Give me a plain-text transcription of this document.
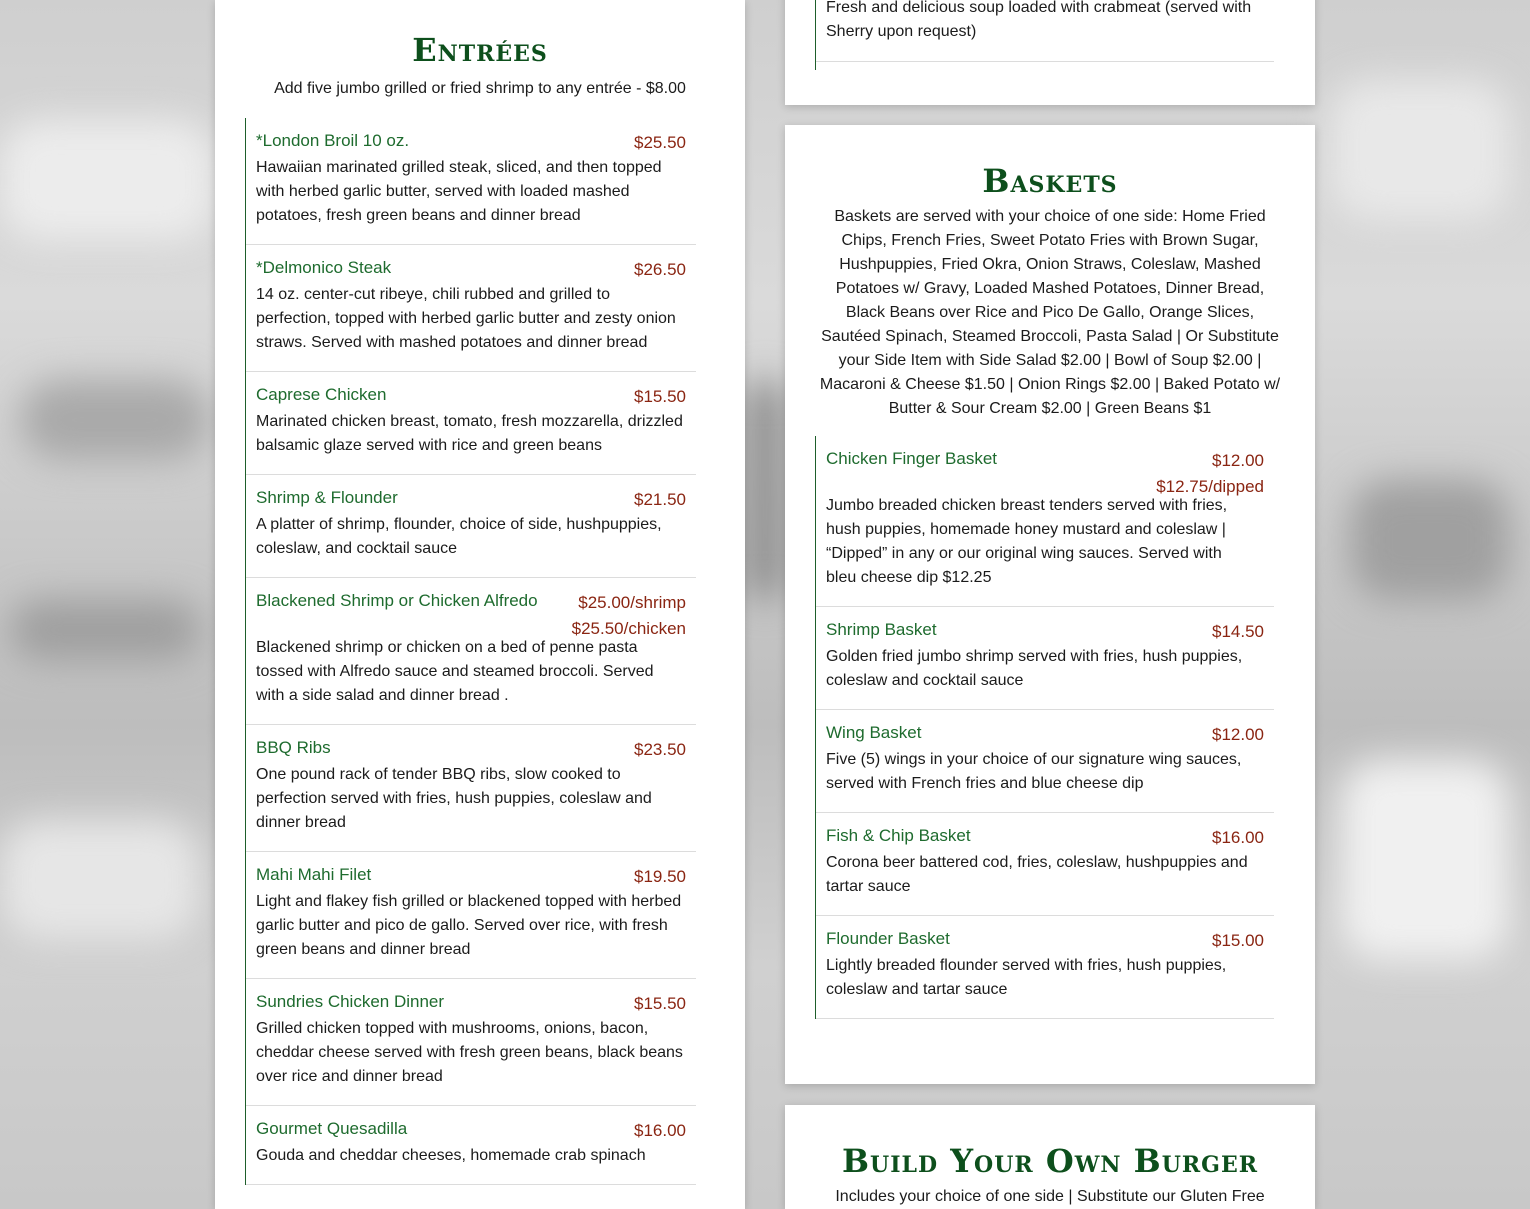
Entrées

Add five jumbo grilled or fried shrimp to any entrée - $8.00

*London Broil 10 oz.	$25.50

Hawaiian marinated grilled steak, sliced, and then topped with herbed garlic butter, served with loaded mashed potatoes, fresh green beans and dinner bread

*Delmonico Steak	$26.50

14 oz. center-cut ribeye, chili rubbed and grilled to perfection, topped with herbed garlic butter and zesty onion straws. Served with mashed potatoes and dinner bread

Caprese Chicken	$15.50

Marinated chicken breast, tomato, fresh mozzarella, drizzled balsamic glaze served with rice and green beans

Shrimp & Flounder	$21.50

A platter of shrimp, flounder, choice of side, hushpuppies, coleslaw, and cocktail sauce

Blackened Shrimp or Chicken Alfredo	$25.00/shrimp
$25.50/chicken

Blackened shrimp or chicken on a bed of penne pasta tossed with Alfredo sauce and steamed broccoli. Served with a side salad and dinner bread .

BBQ Ribs	$23.50

One pound rack of tender BBQ ribs, slow cooked to perfection served with fries, hush puppies, coleslaw and dinner bread

Mahi Mahi Filet	$19.50

Light and flakey fish grilled or blackened topped with herbed garlic butter and pico de gallo. Served over rice, with fresh green beans and dinner bread

Sundries Chicken Dinner	$15.50

Grilled chicken topped with mushrooms, onions, bacon, cheddar cheese served with fresh green beans, black beans over rice and dinner bread

Gourmet Quesadilla	$16.00

Gouda and cheddar cheeses, homemade crab spinach

Fresh and delicious soup loaded with crabmeat (served with Sherry upon request)

Baskets

Baskets are served with your choice of one side: Home Fried Chips, French Fries, Sweet Potato Fries with Brown Sugar, Hushpuppies, Fried Okra, Onion Straws, Coleslaw, Mashed Potatoes w/ Gravy, Loaded Mashed Potatoes, Dinner Bread, Black Beans over Rice and Pico De Gallo, Orange Slices, Sautéed Spinach, Steamed Broccoli, Pasta Salad | Or Substitute your Side Item with Side Salad $2.00 | Bowl of Soup $2.00 | Macaroni & Cheese $1.50 | Onion Rings $2.00 | Baked Potato w/ Butter & Sour Cream $2.00 | Green Beans $1

Chicken Finger Basket	$12.00
$12.75/dipped

Jumbo breaded chicken breast tenders served with fries, hush puppies, homemade honey mustard and coleslaw | “Dipped” in any or our original wing sauces. Served with bleu cheese dip $12.25

Shrimp Basket	$14.50

Golden fried jumbo shrimp served with fries, hush puppies, coleslaw and cocktail sauce

Wing Basket	$12.00

Five (5) wings in your choice of our signature wing sauces, served with French fries and blue cheese dip

Fish & Chip Basket	$16.00

Corona beer battered cod, fries, coleslaw, hushpuppies and tartar sauce

Flounder Basket	$15.00

Lightly breaded flounder served with fries, hush puppies, coleslaw and tartar sauce

Build Your Own Burger

Includes your choice of one side | Substitute our Gluten Free
